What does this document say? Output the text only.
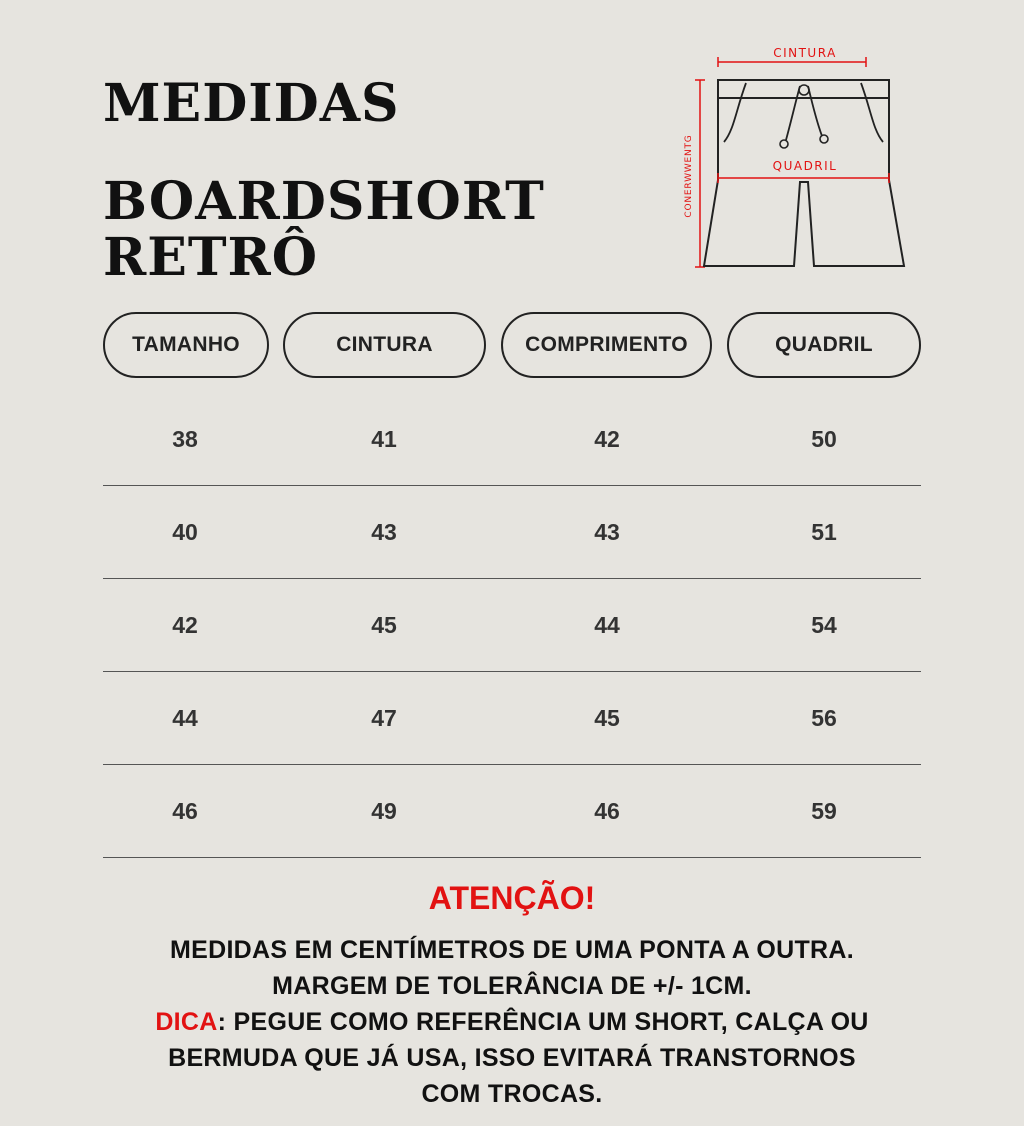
MEDIDAS
BOARDSHORT
RETRÔ
CINTURA
CONERWWENTG	QUADRIL
TAMANHO	CINTURA	COMPRIMENTO	QUADRIL
38	41	42	50
40	43	43	51
42	45	44	54
44	47	45	56
46	49	46	59
ATENÇÃO!
MEDIDAS EM CENTÍMETROS DE UMA PONTA A OUTRA.
MARGEM DE TOLERÂNCIA DE +/- 1CM.
DICA: PEGUE COMO REFERÊNCIA UM SHORT, CALÇA OU
BERMUDA QUE JÁ USA, ISSO EVITARÁ TRANSTORNOS
COM TROCAS.
